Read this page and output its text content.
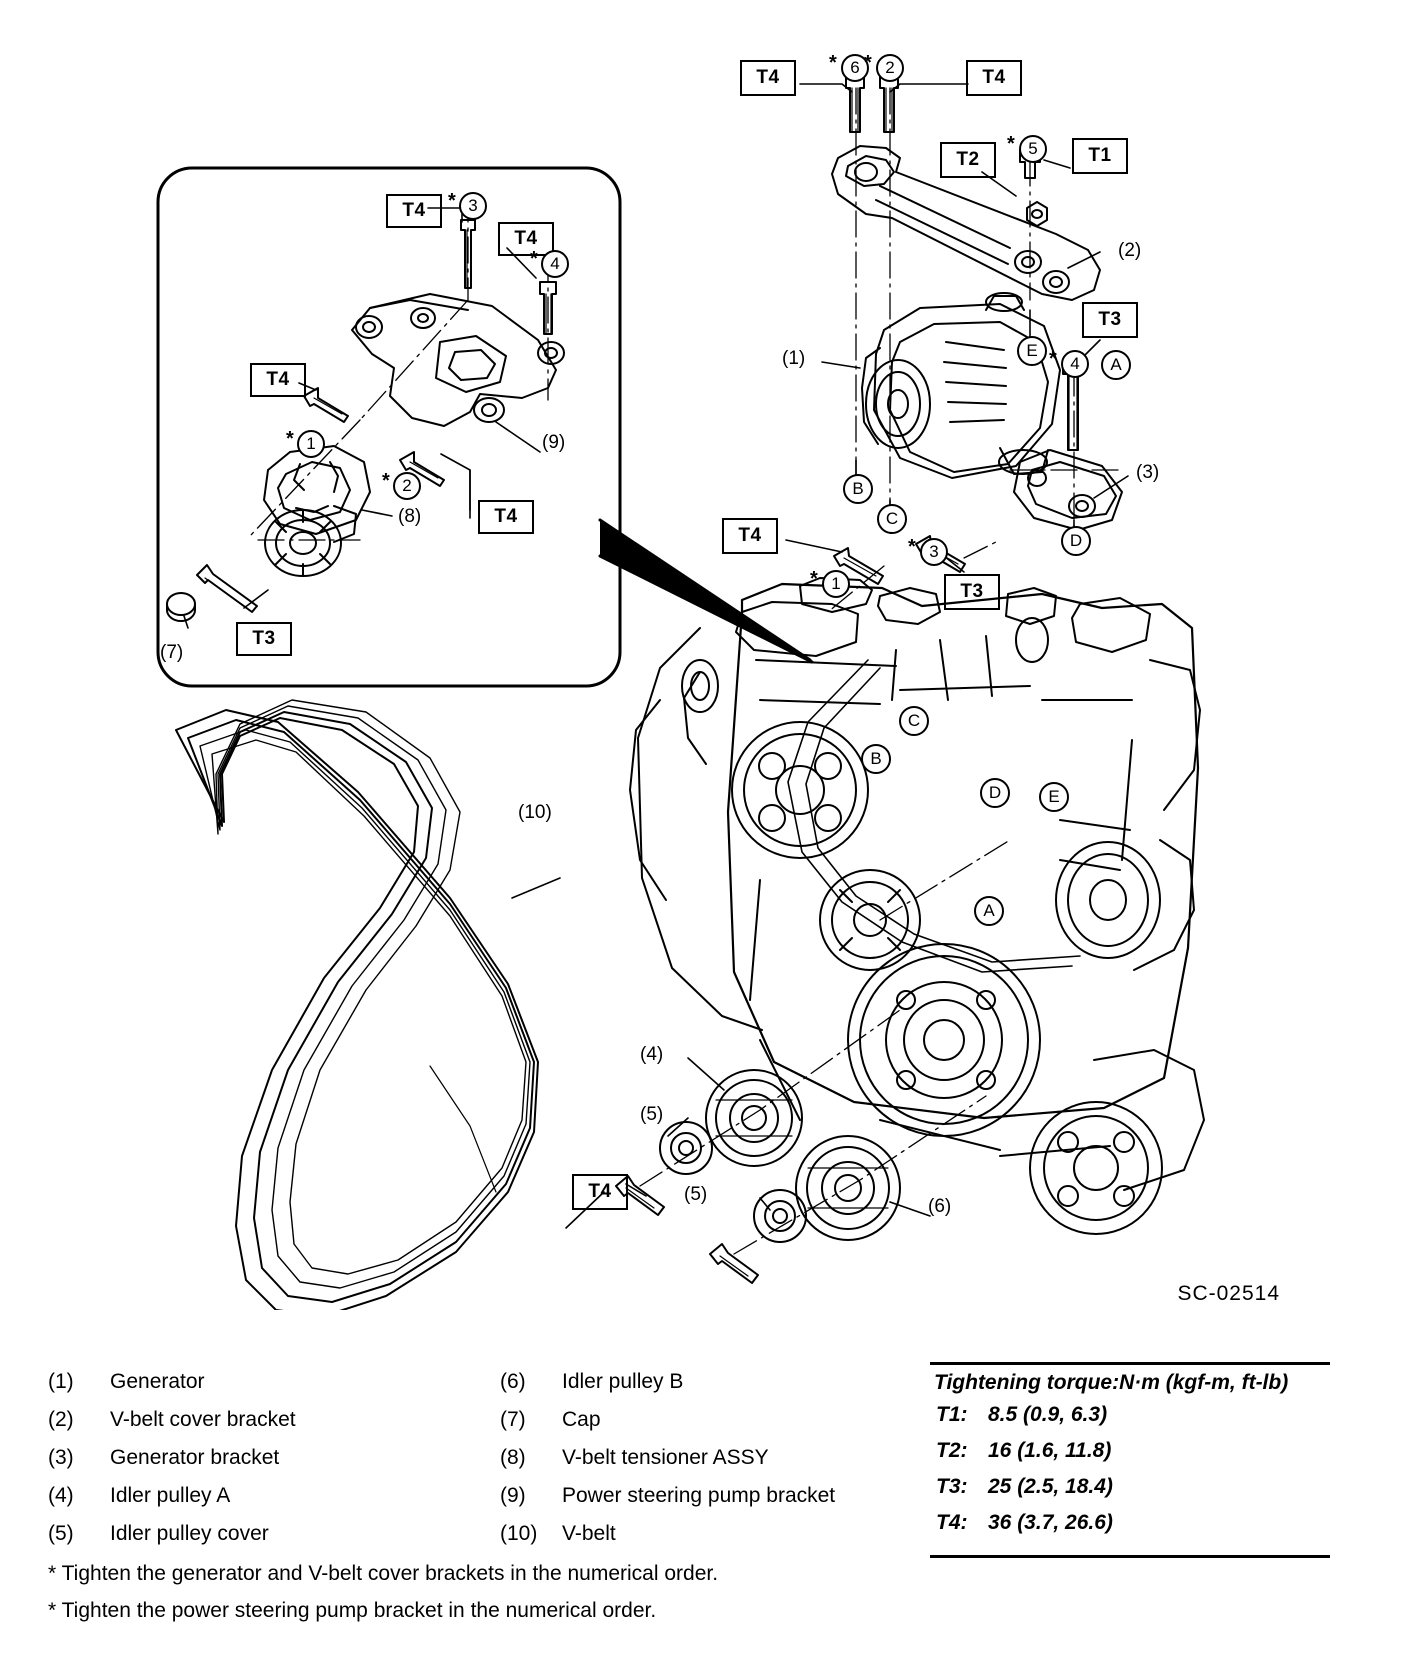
T4
T4
T4
T4
T3
* 3
* 4
* 1
* 2
(9)
(8)
(7)
T4	T4
T2	T1
T3
T4
T3
T4
* 6 * 2
* 5
* 4
* 1
* 3
A
B
C
D
E
C
B
D	E
A
(1)
(2)
(3)
(4)
(5)
(5)
(6)
(10)
SC-02514
(1)	Generator
(2)	V-belt cover bracket
(3)	Generator bracket
(4)	Idler pulley A
(5)	Idler pulley cover
(6)	Idler pulley B
(7)	Cap
(8)	V-belt tensioner ASSY
(9)	Power steering pump bracket
(10)	V-belt
* Tighten the generator and V-belt cover brackets in the numerical order.
* Tighten the power steering pump bracket in the numerical order.
Tightening torque:N·m (kgf-m, ft-lb)
T1: 8.5 (0.9, 6.3)
T2: 16 (1.6, 11.8)
T3: 25 (2.5, 18.4)
T4: 36 (3.7, 26.6)
